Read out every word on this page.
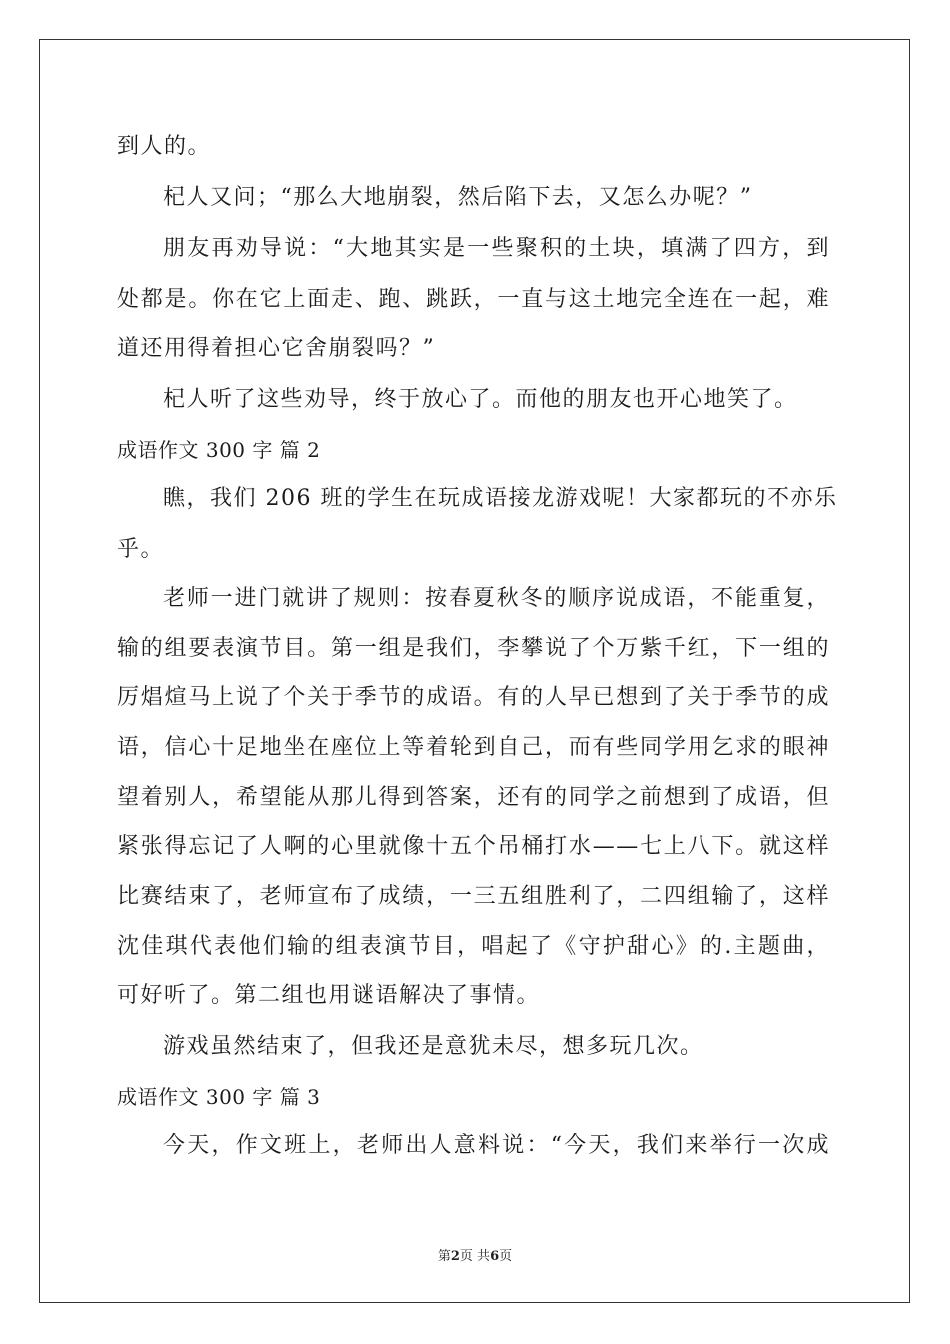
到人的。
杞人又问；“那么大地崩裂，然后陷下去，又怎么办呢？”
朋友再劝导说：“大地其实是一些聚积的土块，填满了四方，到
处都是。你在它上面走、跑、跳跃，一直与这土地完全连在一起，难
道还用得着担心它舍崩裂吗？”
杞人听了这些劝导，终于放心了。而他的朋友也开心地笑了。
成语作文 300 字 篇 2
瞧，我们 206 班的学生在玩成语接龙游戏呢！大家都玩的不亦乐
乎。
老师一进门就讲了规则：按春夏秋冬的顺序说成语，不能重复，
输的组要表演节目。第一组是我们，李攀说了个万紫千红，下一组的
厉焻煊马上说了个关于季节的成语。有的人早已想到了关于季节的成
语，信心十足地坐在座位上等着轮到自己，而有些同学用乞求的眼神
望着别人，希望能从那儿得到答案，还有的同学之前想到了成语，但
紧张得忘记了人啊的心里就像十五个吊桶打水——七上八下。就这样
比赛结束了，老师宣布了成绩，一三五组胜利了，二四组输了，这样
沈佳琪代表他们输的组表演节目，唱起了《守护甜心》的.主题曲，
可好听了。第二组也用谜语解决了事情。
游戏虽然结束了，但我还是意犹未尽，想多玩几次。
成语作文 300 字 篇 3
今天，作文班上，老师出人意料说：“今天，我们来举行一次成
第2页 共6页
